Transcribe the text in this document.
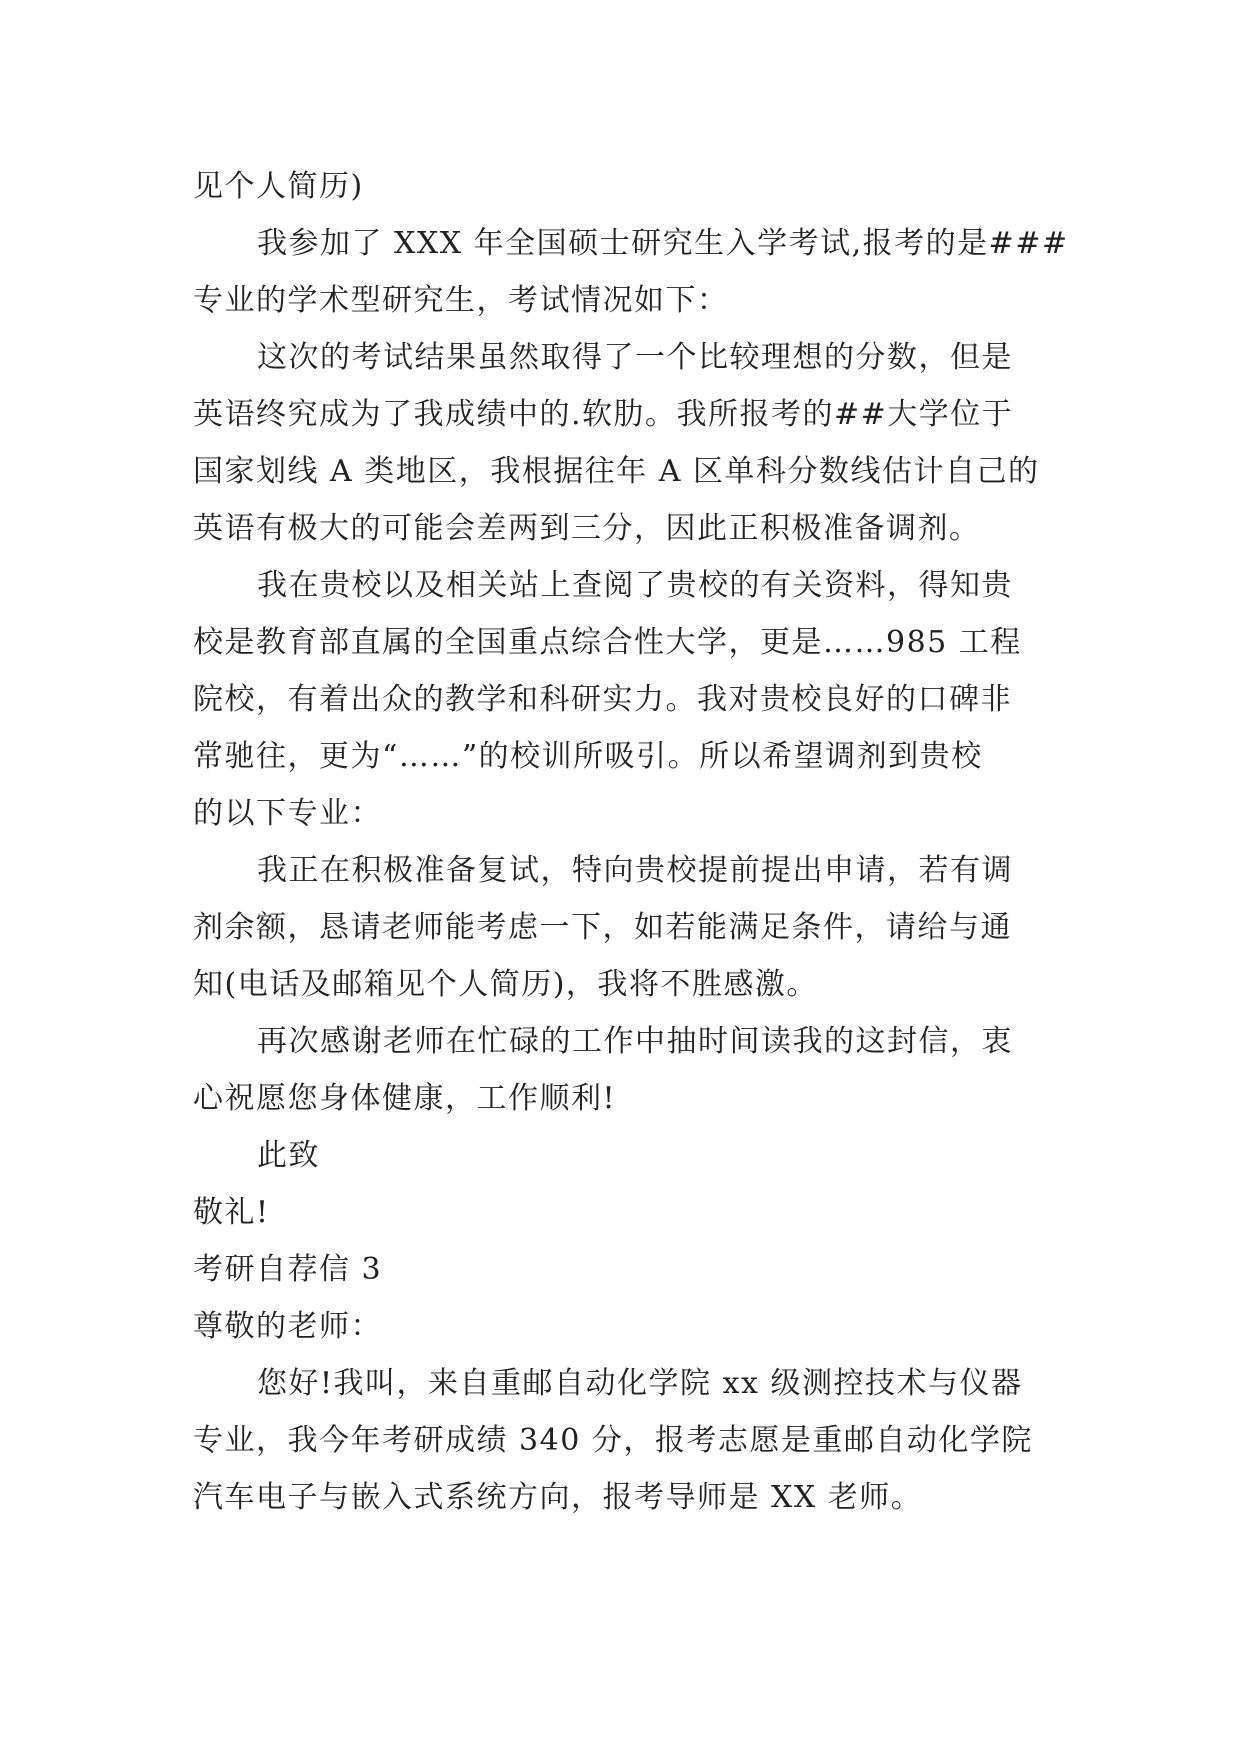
见个人简历)
我参加了 XXX 年全国硕士研究生入学考试,报考的是###
专业的学术型研究生，考试情况如下：
这次的考试结果虽然取得了一个比较理想的分数，但是
英语终究成为了我成绩中的.软肋。我所报考的##大学位于
国家划线 A 类地区，我根据往年 A 区单科分数线估计自己的
英语有极大的可能会差两到三分，因此正积极准备调剂。
我在贵校以及相关站上查阅了贵校的有关资料，得知贵
校是教育部直属的全国重点综合性大学，更是……985 工程
院校，有着出众的教学和科研实力。我对贵校良好的口碑非
常驰往，更为“……”的校训所吸引。所以希望调剂到贵校
的以下专业：
我正在积极准备复试，特向贵校提前提出申请，若有调
剂余额，恳请老师能考虑一下，如若能满足条件，请给与通
知(电话及邮箱见个人简历)，我将不胜感激。
再次感谢老师在忙碌的工作中抽时间读我的这封信，衷
心祝愿您身体健康，工作顺利!
此致
敬礼!
考研自荐信 3
尊敬的老师：
您好!我叫，来自重邮自动化学院 xx 级测控技术与仪器
专业，我今年考研成绩 340 分，报考志愿是重邮自动化学院
汽车电子与嵌入式系统方向，报考导师是 XX 老师。
